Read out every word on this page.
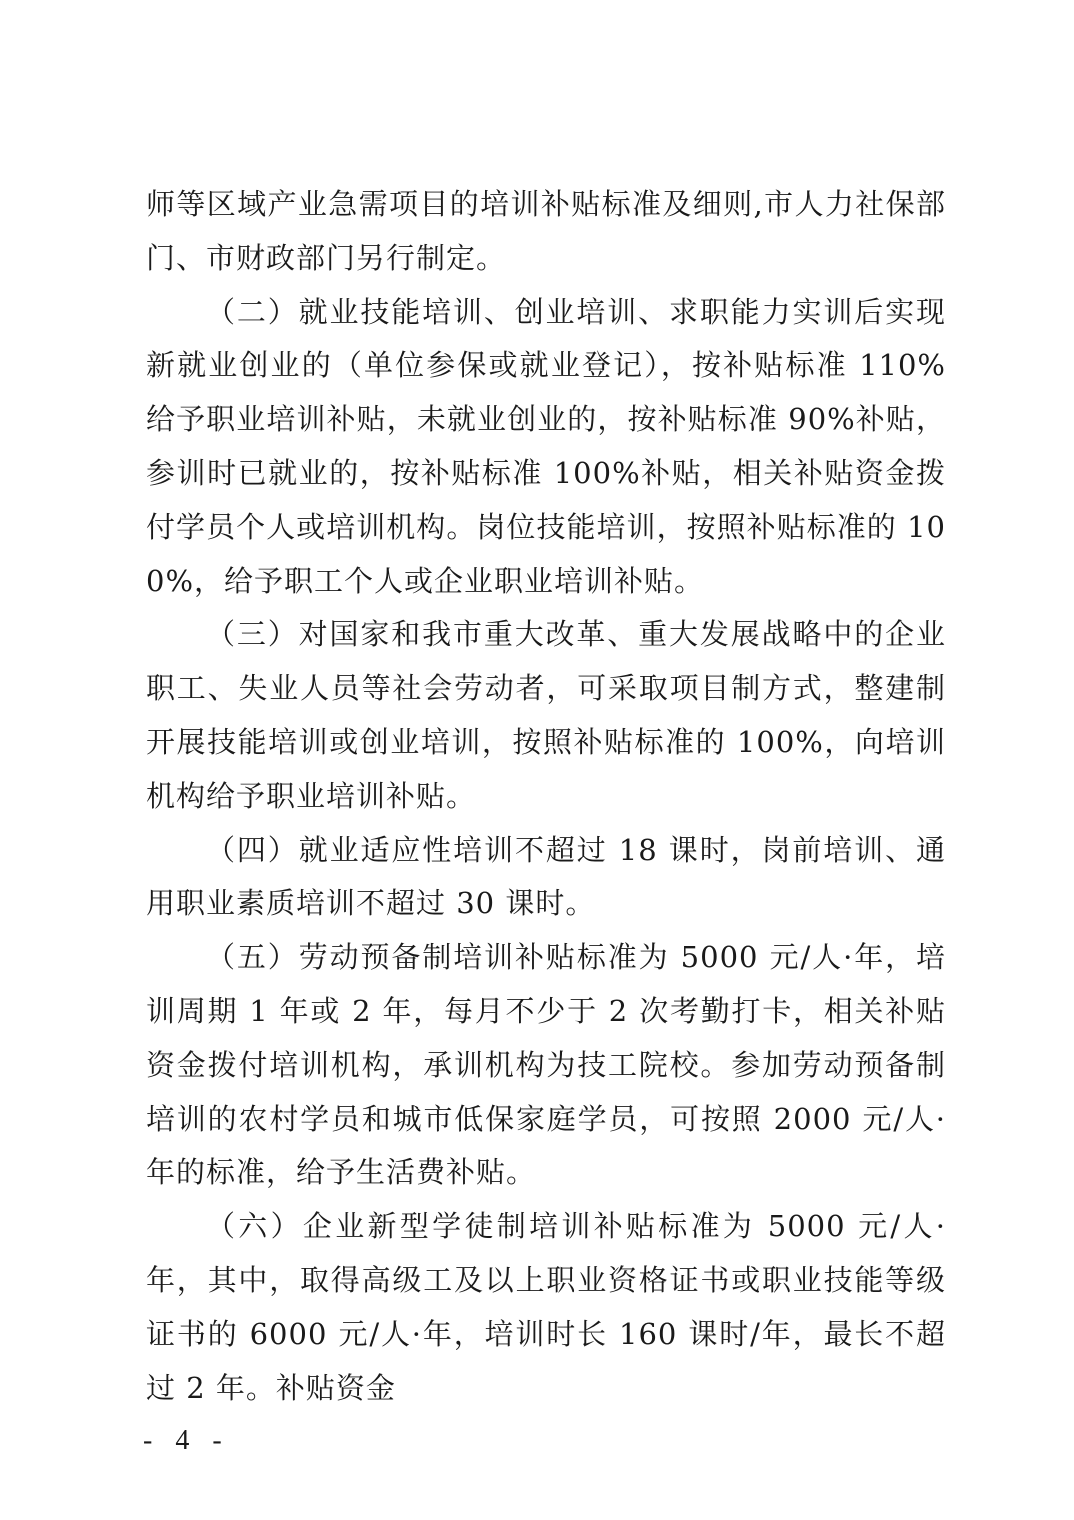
师等区域产业急需项目的培训补贴标准及细则,市人力社保部门、市财政部门另行制定。

（二）就业技能培训、创业培训、求职能力实训后实现新就业创业的（单位参保或就业登记），按补贴标准 110%给予职业培训补贴，未就业创业的，按补贴标准 90%补贴，参训时已就业的，按补贴标准 100%补贴，相关补贴资金拨付学员个人或培训机构。岗位技能培训，按照补贴标准的 100%，给予职工个人或企业职业培训补贴。

（三）对国家和我市重大改革、重大发展战略中的企业职工、失业人员等社会劳动者，可采取项目制方式，整建制开展技能培训或创业培训，按照补贴标准的 100%，向培训机构给予职业培训补贴。

（四）就业适应性培训不超过 18 课时，岗前培训、通用职业素质培训不超过 30 课时。

（五）劳动预备制培训补贴标准为 5000 元/人·年，培训周期 1 年或 2 年，每月不少于 2 次考勤打卡，相关补贴资金拨付培训机构，承训机构为技工院校。参加劳动预备制培训的农村学员和城市低保家庭学员，可按照 2000 元/人·年的标准，给予生活费补贴。

（六）企业新型学徒制培训补贴标准为 5000 元/人·年，其中，取得高级工及以上职业资格证书或职业技能等级证书的 6000 元/人·年，培训时长 160 课时/年，最长不超过 2 年。补贴资金

- 4 -
